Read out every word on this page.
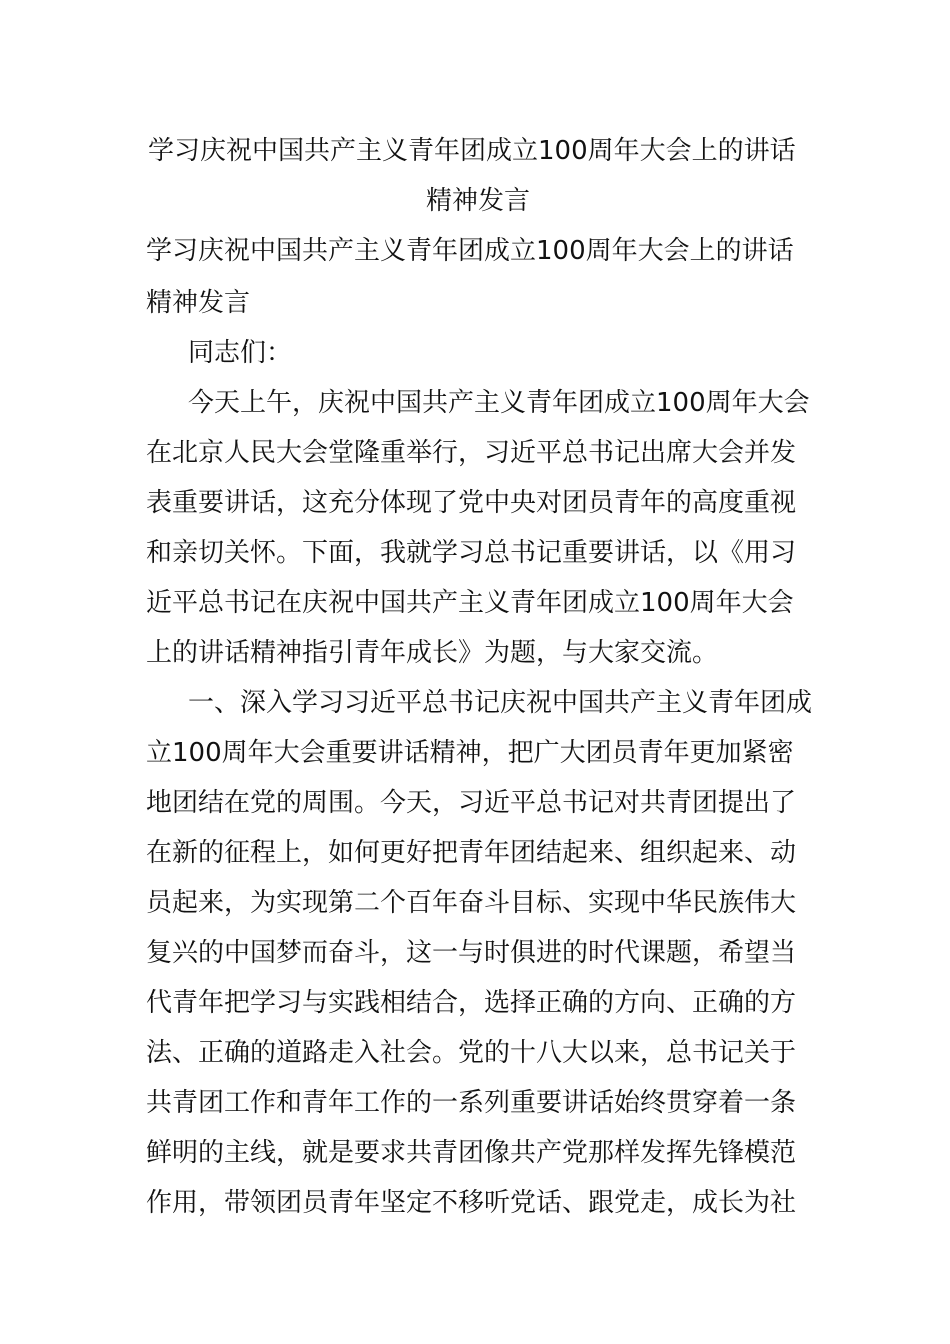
学习庆祝中国共产主义青年团成立100周年大会上的讲话
精神发言
学习庆祝中国共产主义青年团成立100周年大会上的讲话
精神发言
同志们：
今天上午，庆祝中国共产主义青年团成立100周年大会
在北京人民大会堂隆重举行，习近平总书记出席大会并发
表重要讲话，这充分体现了党中央对团员青年的高度重视
和亲切关怀。下面，我就学习总书记重要讲话，以《用习
近平总书记在庆祝中国共产主义青年团成立100周年大会
上的讲话精神指引青年成长》为题，与大家交流。
一、深入学习习近平总书记庆祝中国共产主义青年团成
立100周年大会重要讲话精神，把广大团员青年更加紧密
地团结在党的周围。今天，习近平总书记对共青团提出了
在新的征程上，如何更好把青年团结起来、组织起来、动
员起来，为实现第二个百年奋斗目标、实现中华民族伟大
复兴的中国梦而奋斗，这一与时俱进的时代课题，希望当
代青年把学习与实践相结合，选择正确的方向、正确的方
法、正确的道路走入社会。党的十八大以来，总书记关于
共青团工作和青年工作的一系列重要讲话始终贯穿着一条
鲜明的主线，就是要求共青团像共产党那样发挥先锋模范
作用，带领团员青年坚定不移听党话、跟党走，成长为社
